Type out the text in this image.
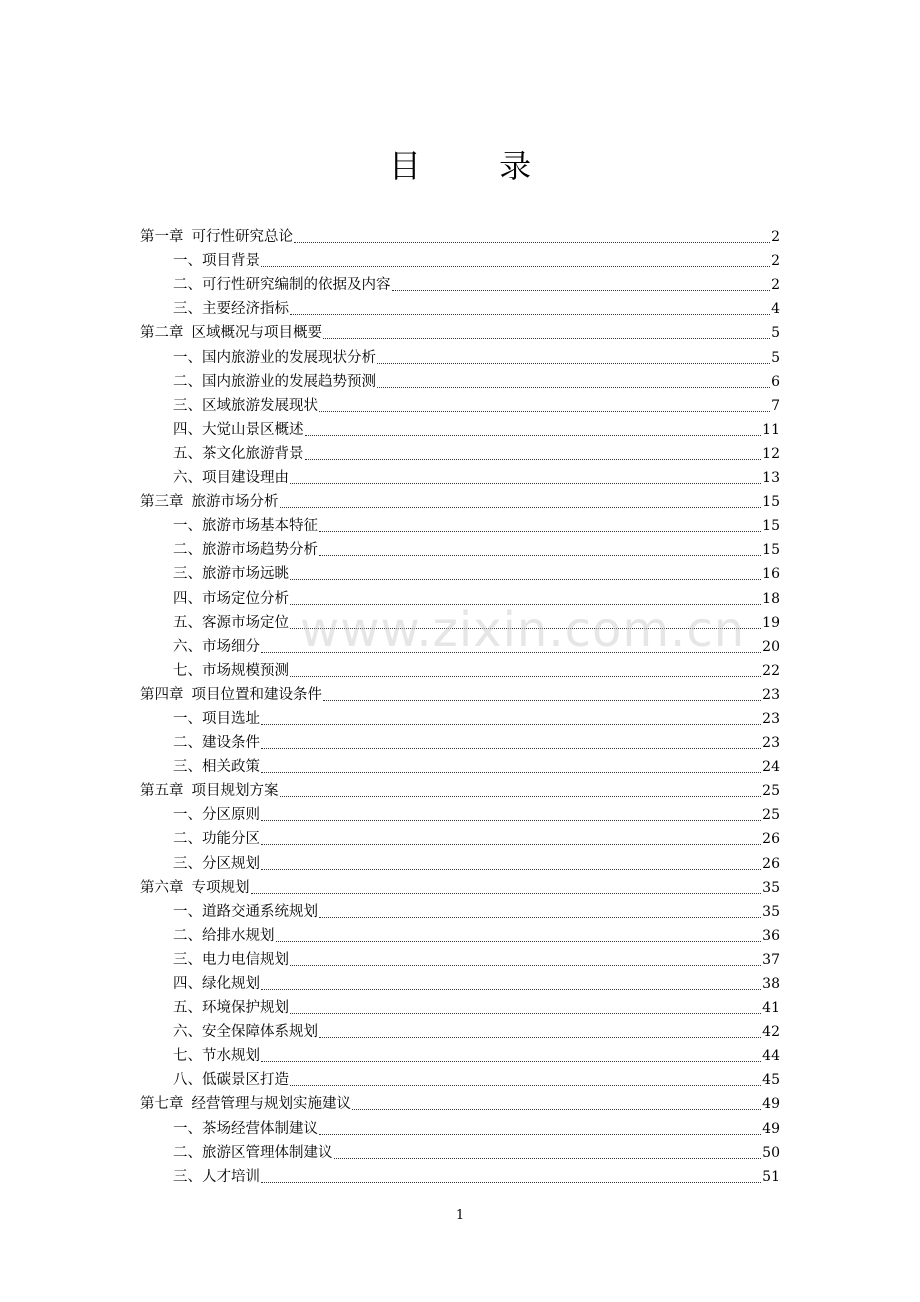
目 录
第一章 可行性研究总论	2
一、项目背景	2
二、可行性研究编制的依据及内容	2
三、主要经济指标	4
第二章 区域概况与项目概要	5
一、国内旅游业的发展现状分析	5
二、国内旅游业的发展趋势预测	6
三、区域旅游发展现状	7
四、大觉山景区概述	11
五、茶文化旅游背景	12
六、项目建设理由	13
第三章 旅游市场分析	15
一、旅游市场基本特征	15
二、旅游市场趋势分析	15
三、旅游市场远眺	16
四、市场定位分析	18
五、客源市场定位	19
六、市场细分	20
七、市场规模预测	22
第四章 项目位置和建设条件	23
一、项目选址	23
二、建设条件	23
三、相关政策	24
第五章 项目规划方案	25
一、分区原则	25
二、功能分区	26
三、分区规划	26
第六章 专项规划	35
一、道路交通系统规划	35
二、给排水规划	36
三、电力电信规划	37
四、绿化规划	38
五、环境保护规划	41
六、安全保障体系规划	42
七、节水规划	44
八、低碳景区打造	45
第七章 经营管理与规划实施建议	49
一、茶场经营体制建议	49
二、旅游区管理体制建议	50
三、人才培训	51
www.zixin.com.cn
1
